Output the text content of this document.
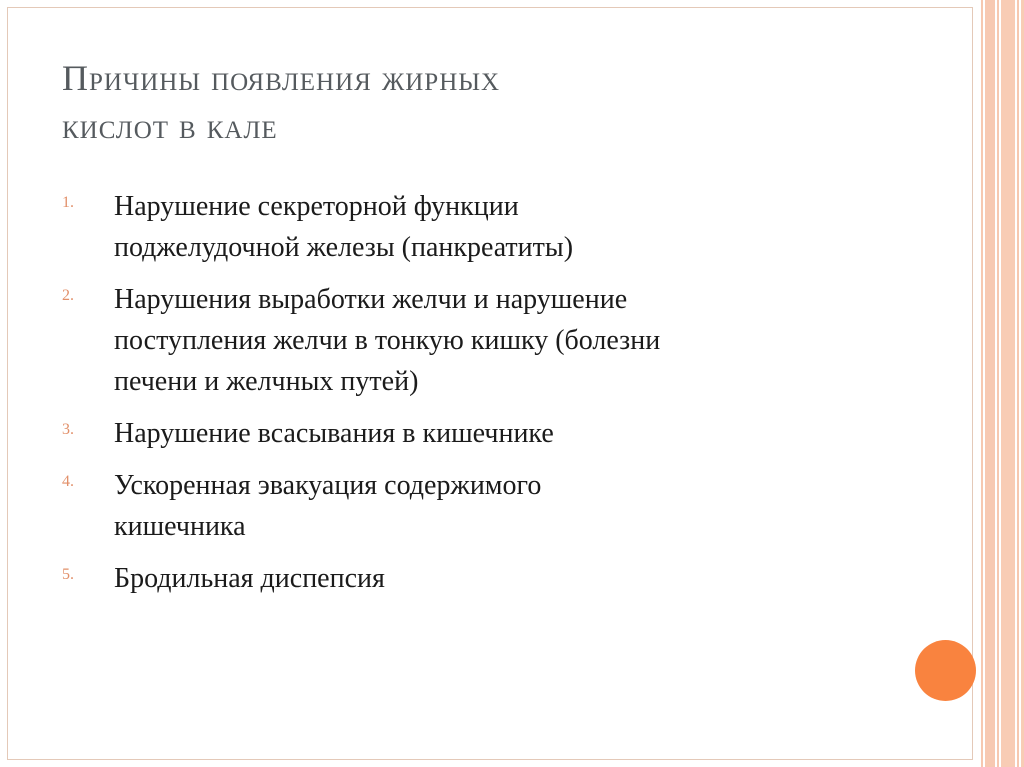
Причины появления жирных
кислот в кале
1.	Нарушение секреторной функции
поджелудочной железы (панкреатиты)
2.	Нарушения выработки желчи и нарушение
поступления желчи в тонкую кишку (болезни
печени и желчных путей)
3.	Нарушение всасывания в кишечнике
4.	Ускоренная эвакуация содержимого
кишечника
5.	Бродильная диспепсия
